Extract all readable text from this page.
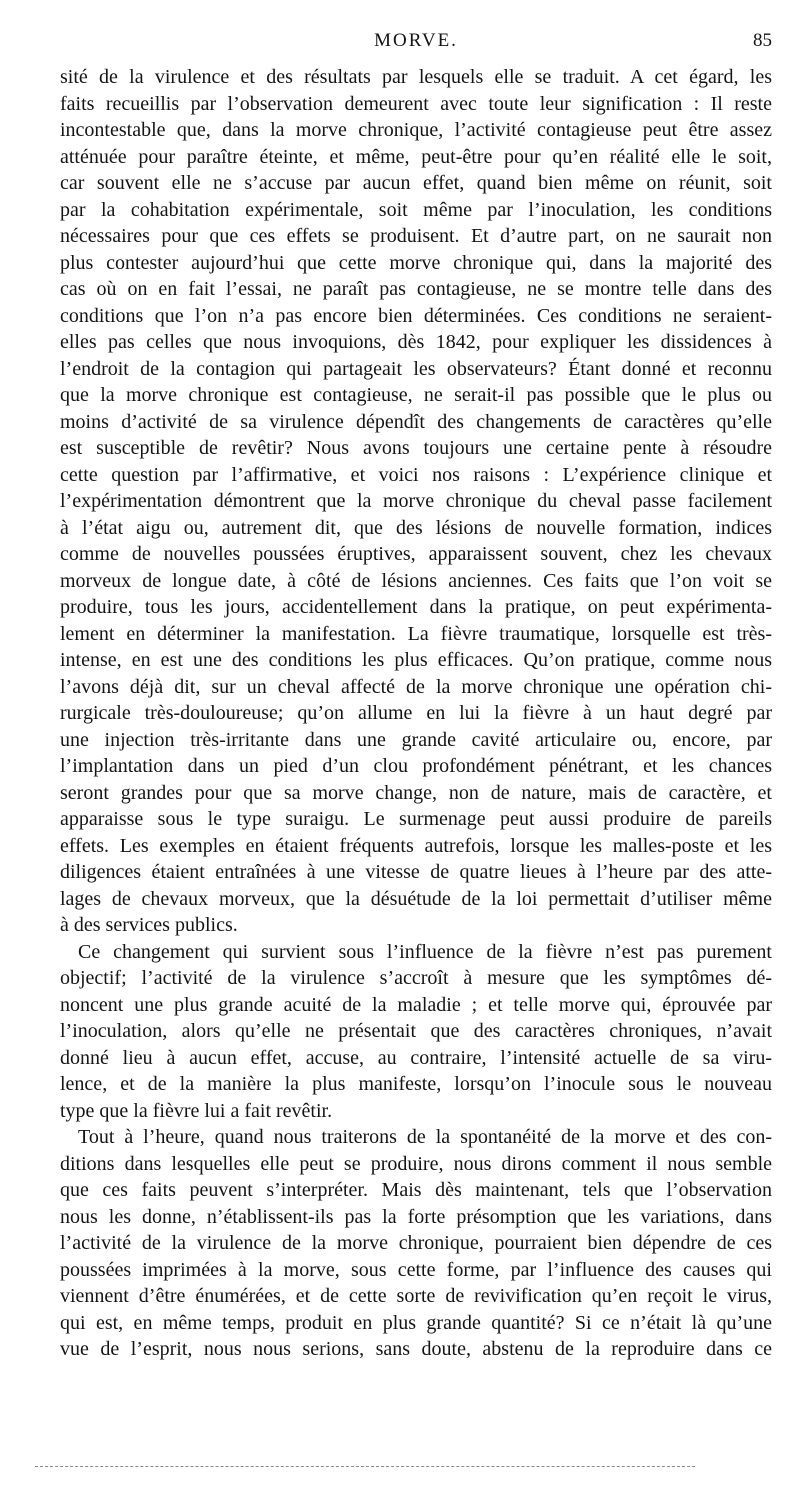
MORVE.	85
sité de la virulence et des résultats par lesquels elle se traduit. A cet égard, les
faits recueillis par l’observation demeurent avec toute leur signification : Il reste
incontestable que, dans la morve chronique, l’activité contagieuse peut être assez
atténuée pour paraître éteinte, et même, peut-être pour qu’en réalité elle le soit,
car souvent elle ne s’accuse par aucun effet, quand bien même on réunit, soit
par la cohabitation expérimentale, soit même par l’inoculation, les conditions
nécessaires pour que ces effets se produisent. Et d’autre part, on ne saurait non
plus contester aujourd’hui que cette morve chronique qui, dans la majorité des
cas où on en fait l’essai, ne paraît pas contagieuse, ne se montre telle dans des
conditions que l’on n’a pas encore bien déterminées. Ces conditions ne seraient-
elles pas celles que nous invoquions, dès 1842, pour expliquer les dissidences à
l’endroit de la contagion qui partageait les observateurs? Étant donné et reconnu
que la morve chronique est contagieuse, ne serait-il pas possible que le plus ou
moins d’activité de sa virulence dépendît des changements de caractères qu’elle
est susceptible de revêtir? Nous avons toujours une certaine pente à résoudre
cette question par l’affirmative, et voici nos raisons : L’expérience clinique et
l’expérimentation démontrent que la morve chronique du cheval passe facilement
à l’état aigu ou, autrement dit, que des lésions de nouvelle formation, indices
comme de nouvelles poussées éruptives, apparaissent souvent, chez les chevaux
morveux de longue date, à côté de lésions anciennes. Ces faits que l’on voit se
produire, tous les jours, accidentellement dans la pratique, on peut expérimenta-
lement en déterminer la manifestation. La fièvre traumatique, lorsquelle est très-
intense, en est une des conditions les plus efficaces. Qu’on pratique, comme nous
l’avons déjà dit, sur un cheval affecté de la morve chronique une opération chi-
rurgicale très-douloureuse; qu’on allume en lui la fièvre à un haut degré par
une injection très-irritante dans une grande cavité articulaire ou, encore, par
l’implantation dans un pied d’un clou profondément pénétrant, et les chances
seront grandes pour que sa morve change, non de nature, mais de caractère, et
apparaisse sous le type suraigu. Le surmenage peut aussi produire de pareils
effets. Les exemples en étaient fréquents autrefois, lorsque les malles-poste et les
diligences étaient entraînées à une vitesse de quatre lieues à l’heure par des atte-
lages de chevaux morveux, que la désuétude de la loi permettait d’utiliser même
à des services publics.
Ce changement qui survient sous l’influence de la fièvre n’est pas purement
objectif; l’activité de la virulence s’accroît à mesure que les symptômes dé-
noncent une plus grande acuité de la maladie ; et telle morve qui, éprouvée par
l’inoculation, alors qu’elle ne présentait que des caractères chroniques, n’avait
donné lieu à aucun effet, accuse, au contraire, l’intensité actuelle de sa viru-
lence, et de la manière la plus manifeste, lorsqu’on l’inocule sous le nouveau
type que la fièvre lui a fait revêtir.
Tout à l’heure, quand nous traiterons de la spontanéité de la morve et des con-
ditions dans lesquelles elle peut se produire, nous dirons comment il nous semble
que ces faits peuvent s’interpréter. Mais dès maintenant, tels que l’observation
nous les donne, n’établissent-ils pas la forte présomption que les variations, dans
l’activité de la virulence de la morve chronique, pourraient bien dépendre de ces
poussées imprimées à la morve, sous cette forme, par l’influence des causes qui
viennent d’être énumérées, et de cette sorte de revivification qu’en reçoit le virus,
qui est, en même temps, produit en plus grande quantité? Si ce n’était là qu’une
vue de l’esprit, nous nous serions, sans doute, abstenu de la reproduire dans ce
